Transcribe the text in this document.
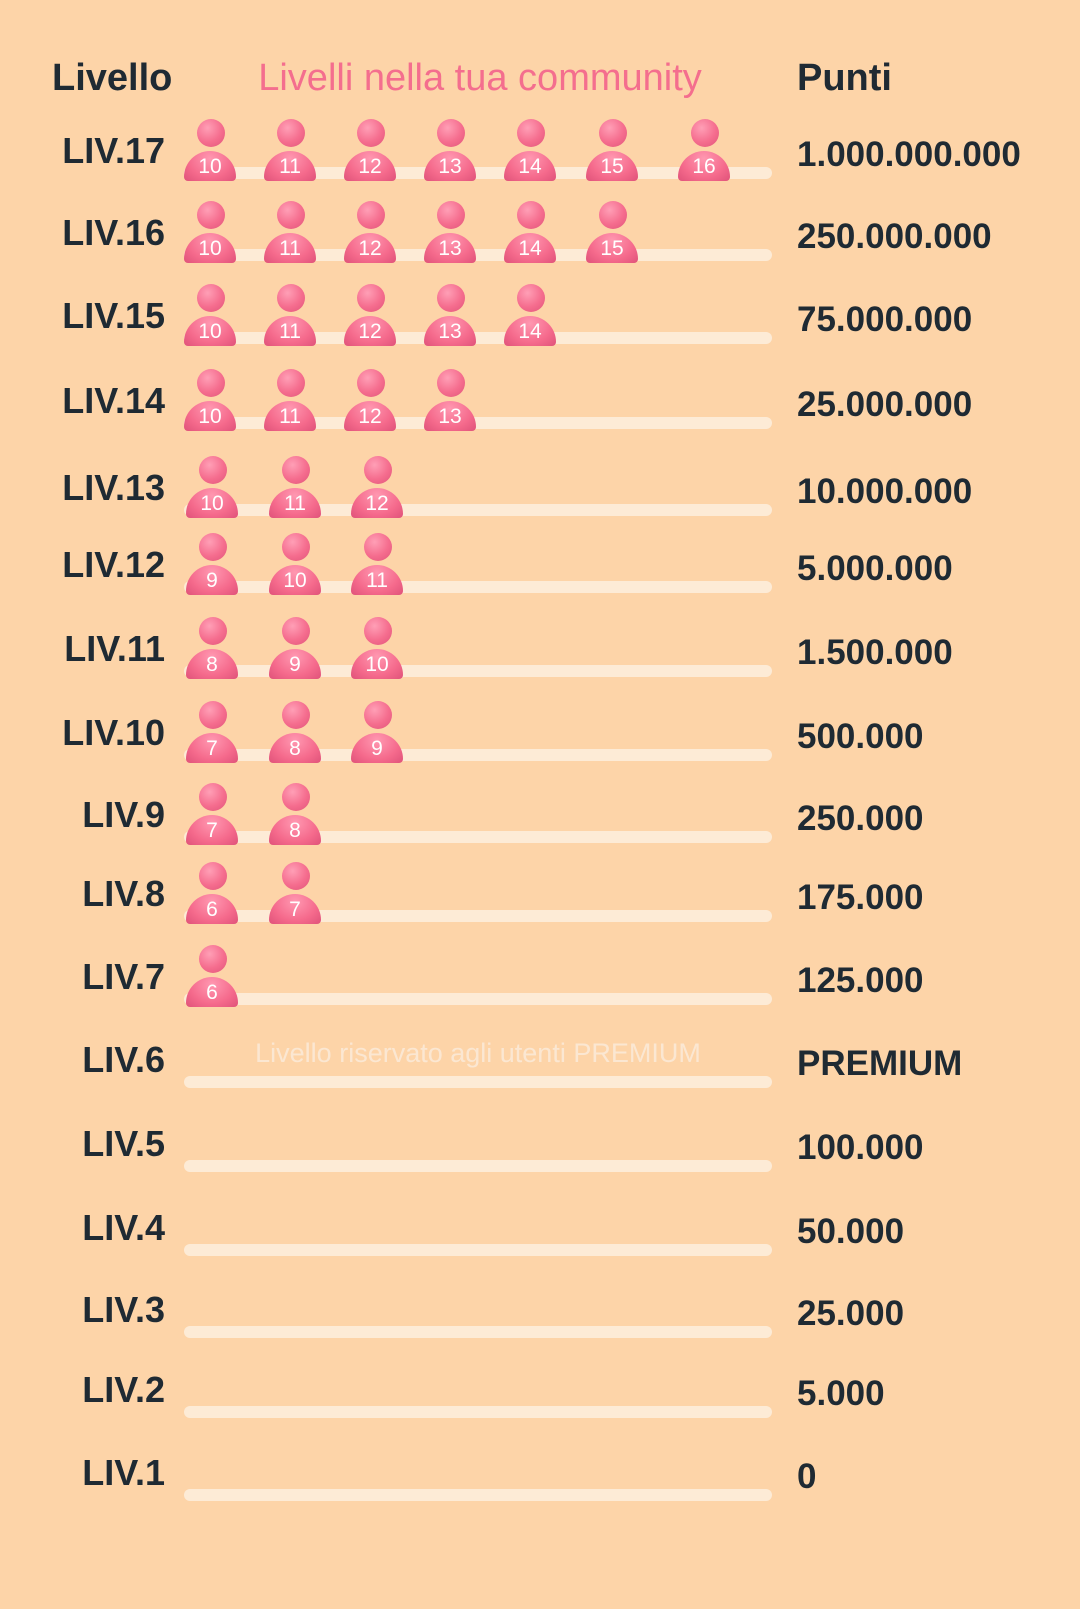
Livello	Livelli nella tua community	Punti
LIV.17	10	11	12	13	14	15	16	1.000.000.000
LIV.16	10	11	12	13	14	15	250.000.000
LIV.15	10	11	12	13	14	75.000.000
LIV.14	10	11	12	13	25.000.000
LIV.13	10	11	12	10.000.000
LIV.12	9	10	11	5.000.000
LIV.11	8	9	10	1.500.000
LIV.10	7	8	9	500.000
LIV.9	7	8	250.000
LIV.8	6	7	175.000
LIV.7	6	125.000
LIV.6	Livello riservato agli utenti PREMIUM	PREMIUM
LIV.5	100.000
LIV.4	50.000
LIV.3	25.000
LIV.2	5.000
LIV.1	0
